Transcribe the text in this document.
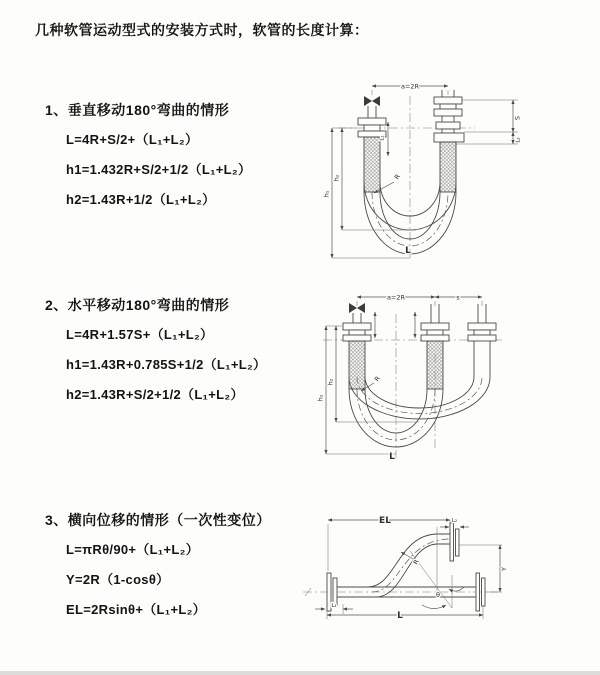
几种软管运动型式的安装方式时，软管的长度计算：
1、垂直移动180°弯曲的情形
L=4R+S/2+（L₁+L₂）
h1=1.432R+S/2+1/2（L₁+L₂）
h2=1.43R+1/2（L₁+L₂）
2、水平移动180°弯曲的情形
L=4R+1.57S+（L₁+L₂）
h1=1.43R+0.785S+1/2（L₁+L₂）
h2=1.43R+S/2+1/2（L₁+L₂）
3、横向位移的情形（一次性变位）
L=πRθ/90+（L₁+L₂）
Y=2R（1-cosθ）
EL=2Rsinθ+（L₁+L₂）
a=2R
h₁
h₂
L₁
S
L₂
R
L
a=2R	s
h₁
h₂	R
L
θ
EL	L₂
Y
L
L₁
R
